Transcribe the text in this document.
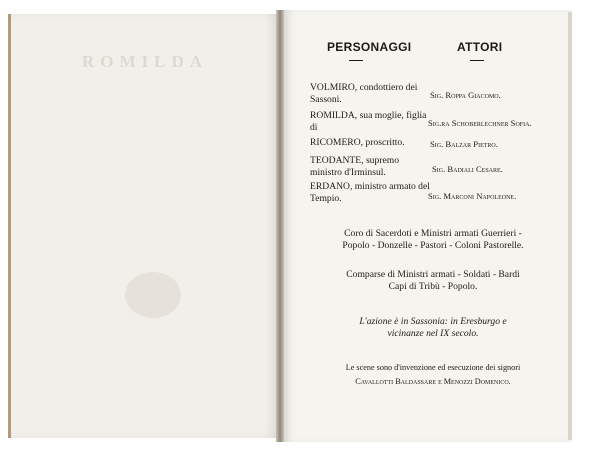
ROMILDA
PERSONAGGI	ATTORI
VOLMIRO, condottiero dei Sassoni.	Sig. Roppa Giacomo.
ROMILDA, sua moglie, figlia di	Sig.ra Schoberlechner Sofia.
RICOMERO, proscritto.	Sig. Balzar Pietro.
TEODANTE, supremo ministro d'Irminsul.	Sig. Badiali Cesare.
ERDANO, ministro armato del Tempio.	Sig. Marconi Napoleone.
Coro di Sacerdoti e Ministri armati Guerrieri - Popolo - Donzelle - Pastori - Coloni Pastorelle.
Comparse di Ministri armati - Soldati - Bardi Capi di Tribù - Popolo.
L'azione è in Sassonia: in Eresburgo e vicinanze nel IX secolo.
Le scene sono d'invenzione ed esecuzione dei signori
Cavallotti Baldassare e Menozzi Domenico.
